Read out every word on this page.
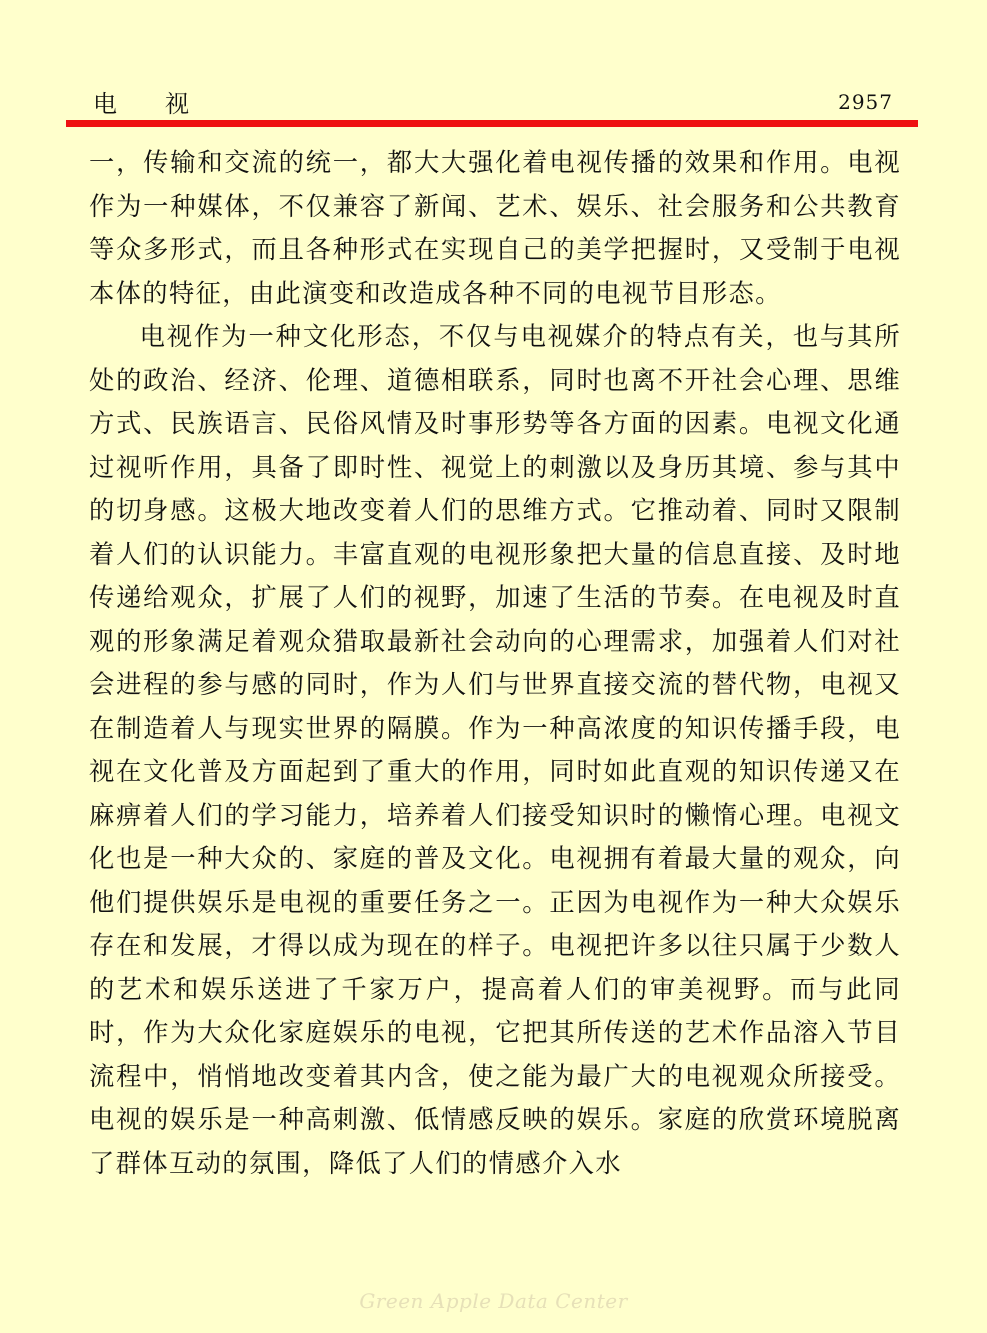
电视	2957

一，传输和交流的统一，都大大强化着电视传播的效果和作用。电视作为一种媒体，不仅兼容了新闻、艺术、娱乐、社会服务和公共教育等众多形式，而且各种形式在实现自己的美学把握时，又受制于电视本体的特征，由此演变和改造成各种不同的电视节目形态。

电视作为一种文化形态，不仅与电视媒介的特点有关，也与其所处的政治、经济、伦理、道德相联系，同时也离不开社会心理、思维方式、民族语言、民俗风情及时事形势等各方面的因素。电视文化通过视听作用，具备了即时性、视觉上的刺激以及身历其境、参与其中的切身感。这极大地改变着人们的思维方式。它推动着、同时又限制着人们的认识能力。丰富直观的电视形象把大量的信息直接、及时地传递给观众，扩展了人们的视野，加速了生活的节奏。在电视及时直观的形象满足着观众猎取最新社会动向的心理需求，加强着人们对社会进程的参与感的同时，作为人们与世界直接交流的替代物，电视又在制造着人与现实世界的隔膜。作为一种高浓度的知识传播手段，电视在文化普及方面起到了重大的作用，同时如此直观的知识传递又在麻痹着人们的学习能力，培养着人们接受知识时的懒惰心理。电视文化也是一种大众的、家庭的普及文化。电视拥有着最大量的观众，向他们提供娱乐是电视的重要任务之一。正因为电视作为一种大众娱乐存在和发展，才得以成为现在的样子。电视把许多以往只属于少数人的艺术和娱乐送进了千家万户，提高着人们的审美视野。而与此同时，作为大众化家庭娱乐的电视，它把其所传送的艺术作品溶入节目流程中，悄悄地改变着其内含，使之能为最广大的电视观众所接受。电视的娱乐是一种高刺激、低情感反映的娱乐。家庭的欣赏环境脱离了群体互动的氛围，降低了人们的情感介入水

Green Apple Data Center
